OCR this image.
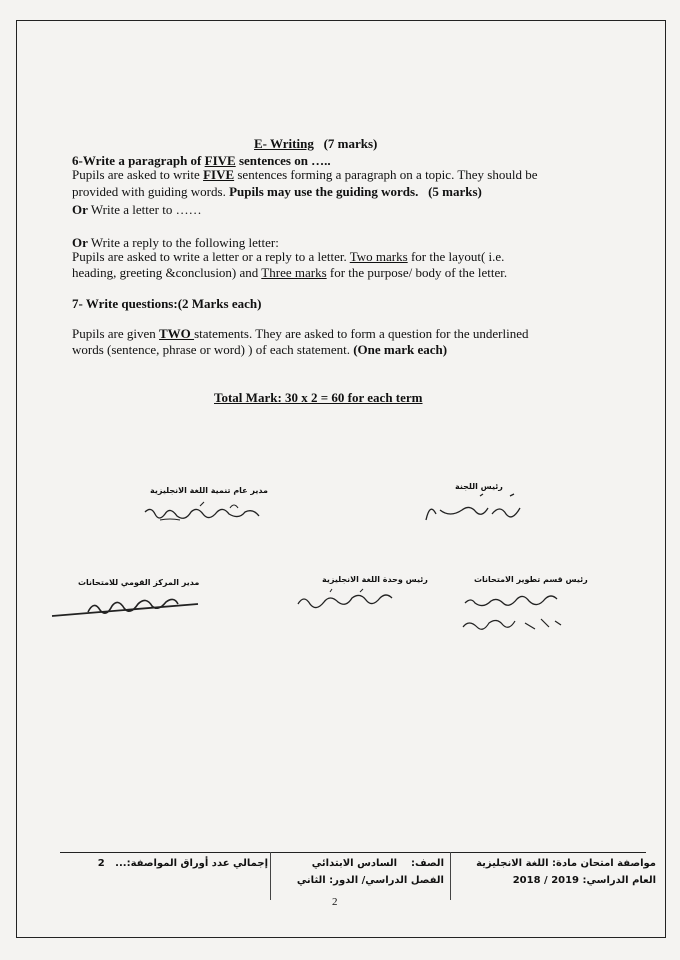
E- Writing (7 marks)
6-Write a paragraph of FIVE sentences on …..
Pupils are asked to write FIVE sentences forming a paragraph on a topic. They should be
provided with guiding words. Pupils may use the guiding words. (5 marks)
Or Write a letter to ……
Or Write a reply to the following letter:
Pupils are asked to write a letter or a reply to a letter. Two marks for the layout( i.e.
heading, greeting &conclusion) and Three marks for the purpose/ body of the letter.
7- Write questions:(2 Marks each)
Pupils are given TWO statements. They are asked to form a question for the underlined
words (sentence, phrase or word) ) of each statement. (One mark each)
Total Mark: 30 x 2 = 60 for each term
رئيس اللجنة
مدير عام تنمية اللغة الانجليزية
رئيس قسم تطوير الامتحانات
رئيس وحدة اللغة الانجليزية
مدير المركز القومي للامتحانات
مواصفة امتحان مادة: اللغة الانجليزية
العام الدراسي: 2019 / 2018
الصف:    السادس الابتدائي
الفصل الدراسي/ الدور: الثاني
إجمالي عدد أوراق المواصفة:...   2
2
